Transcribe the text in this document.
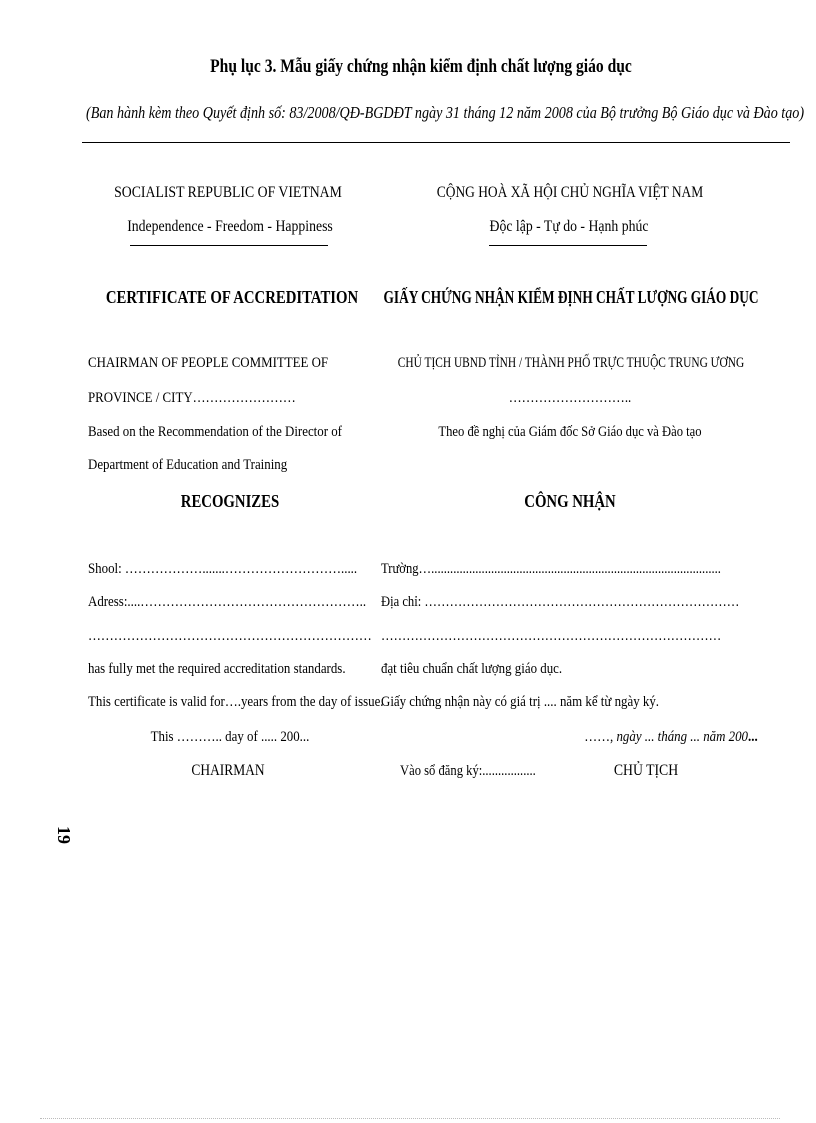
Phụ lục 3. Mẫu giấy chứng nhận kiểm định chất lượng giáo dục
(Ban hành kèm theo Quyết định số: 83/2008/QĐ-BGDĐT ngày 31 tháng 12 năm 2008 của Bộ trưởng Bộ Giáo dục và Đào tạo)
SOCIALIST REPUBLIC OF VIETNAM
Independence - Freedom - Happiness
CERTIFICATE OF ACCREDITATION
CHAIRMAN OF PEOPLE COMMITTEE OF
PROVINCE / CITY……………………
Based on the Recommendation of the Director of
Department of Education and Training
RECOGNIZES
Shool: ……………….......……………………….....
Adress:....……………………………………………..
…………………………………………………………
has fully met the required accreditation standards.
This certificate is valid for….years from the day of issue.
This ……….. day of ..... 200...
CHAIRMAN
CỘNG HOÀ XÃ HỘI CHỦ NGHĨA VIỆT NAM
Độc lập - Tự do - Hạnh phúc
GIẤY CHỨNG NHẬN KIỂM ĐỊNH CHẤT LƯỢNG GIÁO DỤC
CHỦ TỊCH UBND TỈNH / THÀNH PHỐ TRỰC THUỘC TRUNG ƯƠNG
………………………..
Theo đề nghị của Giám đốc Sở Giáo dục và Đào tạo
CÔNG NHẬN
Trường…............................................................................................
Địa chỉ: …………………………………………………………………
………………………………………………………………………
đạt tiêu chuẩn chất lượng giáo dục.
Giấy chứng nhận này có giá trị .... năm kể từ ngày ký.
……, ngày ... tháng ... năm 200...
Vào sổ đăng ký:.................	CHỦ TỊCH
19
